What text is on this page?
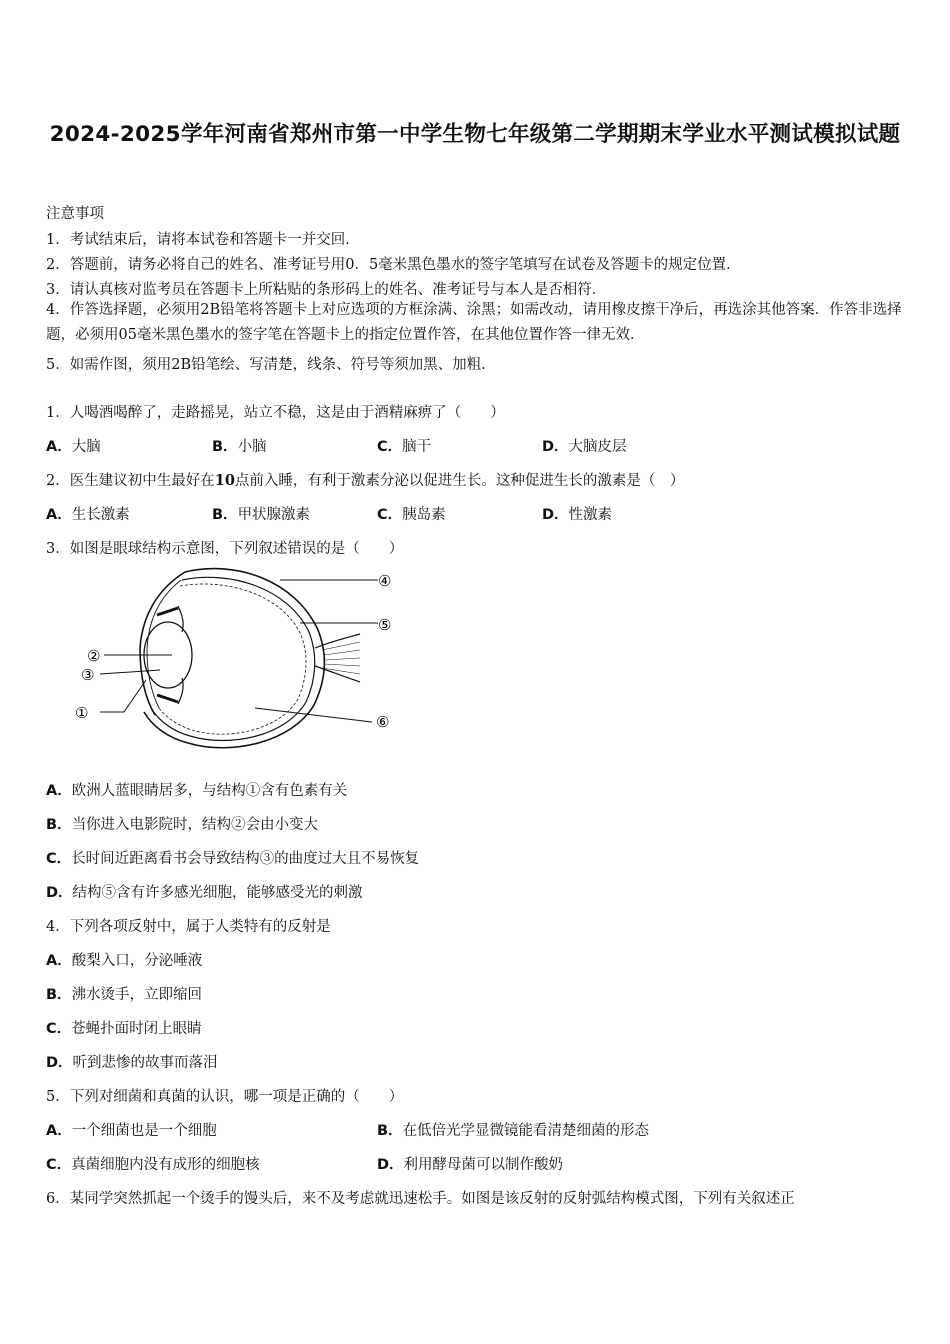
2024-2025学年河南省郑州市第一中学生物七年级第二学期期末学业水平测试模拟试题
注意事项
1．考试结束后，请将本试卷和答题卡一并交回．
2．答题前，请务必将自己的姓名、准考证号用0．5毫米黑色墨水的签字笔填写在试卷及答题卡的规定位置．
3．请认真核对监考员在答题卡上所粘贴的条形码上的姓名、准考证号与本人是否相符．
4．作答选择题，必须用2B铅笔将答题卡上对应选项的方框涂满、涂黑；如需改动，请用橡皮擦干净后，再选涂其他答案．作答非选择题，必须用05毫米黑色墨水的签字笔在答题卡上的指定位置作答，在其他位置作答一律无效．
5．如需作图，须用2B铅笔绘、写清楚，线条、符号等须加黑、加粗．
1．人喝酒喝醉了，走路摇晃，站立不稳，这是由于酒精麻痹了（　　）
A．大脑	B．小脑	C．脑干	D．大脑皮层
2．医生建议初中生最好在10点前入睡，有利于激素分泌以促进生长。这种促进生长的激素是（　）
A．生长激素	B．甲状腺激素	C．胰岛素	D．性激素
3．如图是眼球结构示意图，下列叙述错误的是（　　）
④
⑤
②
③
①	⑥
A．欧洲人蓝眼睛居多，与结构①含有色素有关
B．当你进入电影院时，结构②会由小变大
C．长时间近距离看书会导致结构③的曲度过大且不易恢复
D．结构⑤含有许多感光细胞，能够感受光的刺激
4．下列各项反射中，属于人类特有的反射是
A．酸梨入口，分泌唾液
B．沸水烫手，立即缩回
C．苍蝇扑面时闭上眼睛
D．听到悲惨的故事而落泪
5．下列对细菌和真菌的认识，哪一项是正确的（　　）
A．一个细菌也是一个细胞	B．在低倍光学显微镜能看清楚细菌的形态
C．真菌细胞内没有成形的细胞核	D．利用酵母菌可以制作酸奶
6．某同学突然抓起一个烫手的馒头后，来不及考虑就迅速松手。如图是该反射的反射弧结构模式图，下列有关叙述正
